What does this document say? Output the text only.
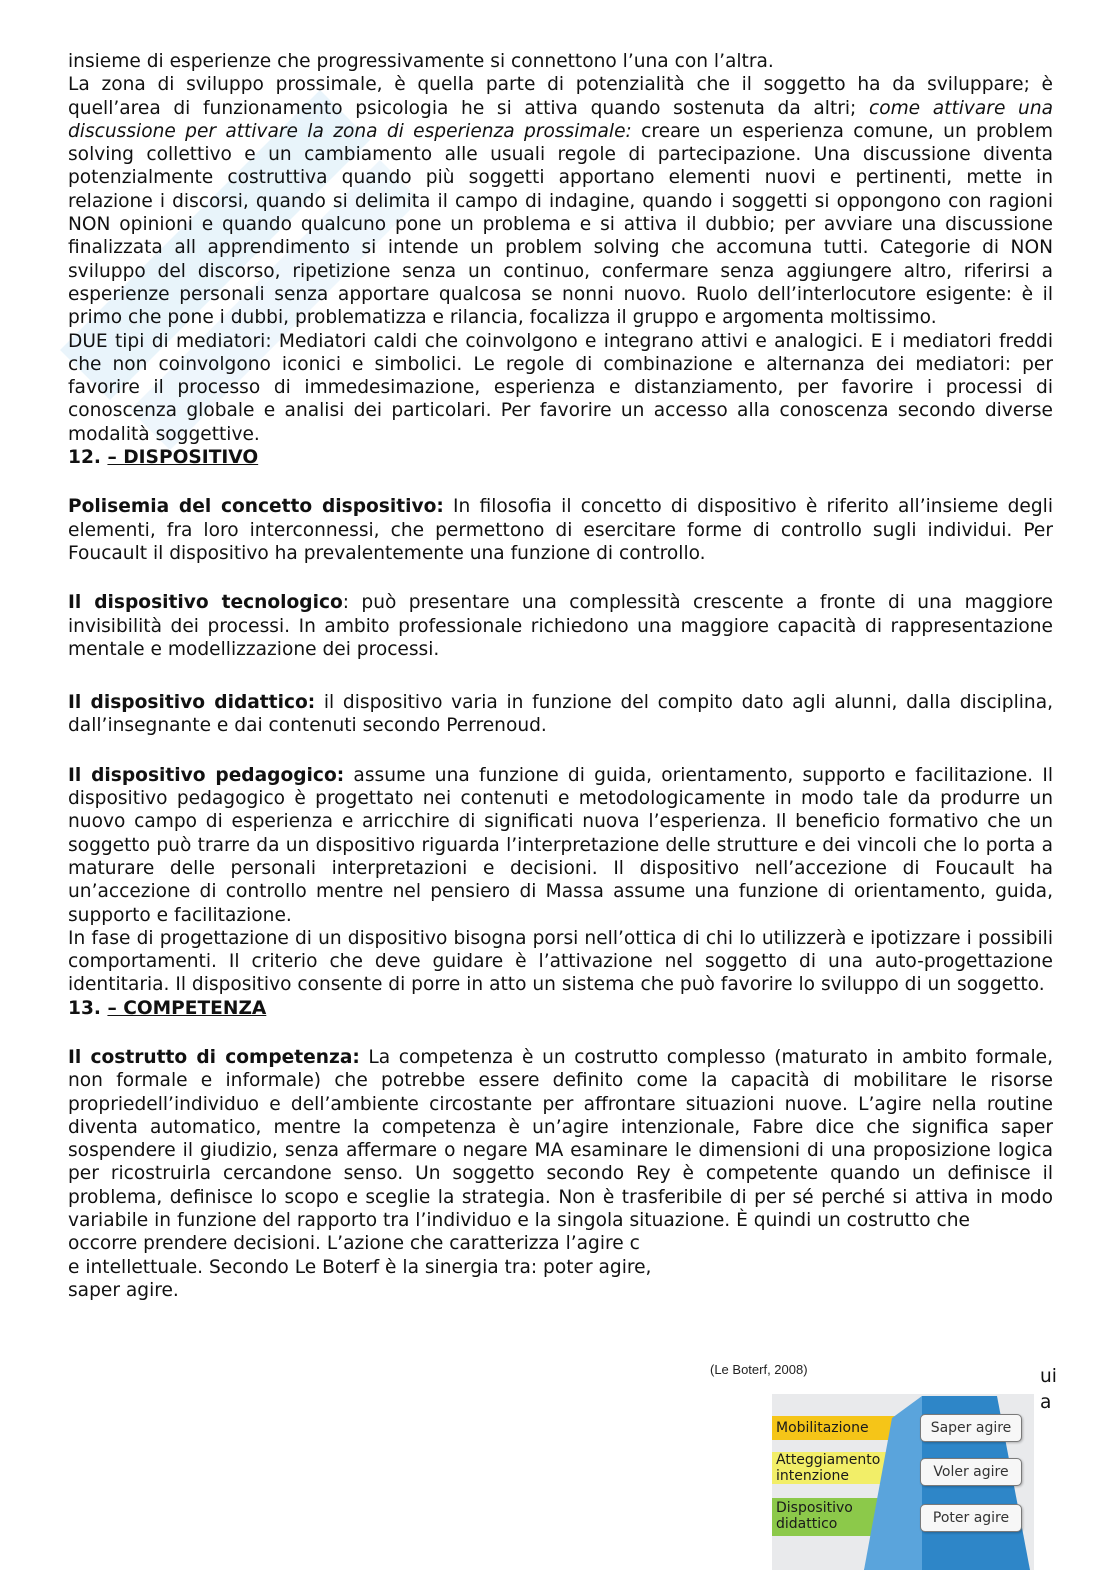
insieme di esperienze che progressivamente si connettono l’una con l’altra.

La zona di sviluppo prossimale, è quella parte di potenzialità che il soggetto ha da sviluppare; è quell’area di funzionamento psicologia he si attiva quando sostenuta da altri; come attivare una discussione per attivare la zona di esperienza prossimale: creare un esperienza comune, un problem solving collettivo e un cambiamento alle usuali regole di partecipazione. Una discussione diventa potenzialmente costruttiva quando più soggetti apportano elementi nuovi e pertinenti, mette in relazione i discorsi, quando si delimita il campo di indagine, quando i soggetti si oppongono con ragioni NON opinioni e quando qualcuno pone un problema e si attiva il dubbio; per avviare una discussione finalizzata all apprendimento si intende un problem solving che accomuna tutti. Categorie di NON sviluppo del discorso, ripetizione senza un continuo, confermare senza aggiungere altro, riferirsi a esperienze personali senza apportare qualcosa se nonni nuovo. Ruolo dell’interlocutore esigente: è il primo che pone i dubbi, problematizza e rilancia, focalizza il gruppo e argomenta moltissimo.

DUE tipi di mediatori: Mediatori caldi che coinvolgono e integrano attivi e analogici. E i mediatori freddi che non coinvolgono iconici e simbolici. Le regole di combinazione e alternanza dei mediatori: per favorire il processo di immedesimazione, esperienza e distanziamento, per favorire i processi di conoscenza globale e analisi dei particolari. Per favorire un accesso alla conoscenza secondo diverse modalità soggettive.

12. – DISPOSITIVO

Polisemia del concetto dispositivo: In filosofia il concetto di dispositivo è riferito all’insieme degli elementi, fra loro interconnessi, che permettono di esercitare forme di controllo sugli individui. Per Foucault il dispositivo ha prevalentemente una funzione di controllo.

Il dispositivo tecnologico: può presentare una complessità crescente a fronte di una maggiore invisibilità dei processi. In ambito professionale richiedono una maggiore capacità di rappresentazione mentale e modellizzazione dei processi.

Il dispositivo didattico: il dispositivo varia in funzione del compito dato agli alunni, dalla disciplina, dall’insegnante e dai contenuti secondo Perrenoud.

Il dispositivo pedagogico: assume una funzione di guida, orientamento, supporto e facilitazione. Il dispositivo pedagogico è progettato nei contenuti e metodologicamente in modo tale da produrre un nuovo campo di esperienza e arricchire di significati nuova l’esperienza. Il beneficio formativo che un soggetto può trarre da un dispositivo riguarda l’interpretazione delle strutture e dei vincoli che lo porta a maturare delle personali interpretazioni e decisioni. Il dispositivo nell’accezione di Foucault ha un’accezione di controllo mentre nel pensiero di Massa assume una funzione di orientamento, guida, supporto e facilitazione.

In fase di progettazione di un dispositivo bisogna porsi nell’ottica di chi lo utilizzerà e ipotizzare i possibili comportamenti. Il criterio che deve guidare è l’attivazione nel soggetto di una auto-progettazione identitaria. Il dispositivo consente di porre in atto un sistema che può favorire lo sviluppo di un soggetto.

13. – COMPETENZA

Il costrutto di competenza: La competenza è un costrutto complesso (maturato in ambito formale, non formale e informale) che potrebbe essere definito come la capacità di mobilitare le risorse propriedell’individuo e dell’ambiente circostante per affrontare situazioni nuove. L’agire nella routine diventa automatico, mentre la competenza è un’agire intenzionale, Fabre dice che significa saper sospendere il giudizio, senza affermare o negare MA esaminare le dimensioni di una proposizione logica per ricostruirla cercandone senso. Un soggetto secondo Rey è competente quando un definisce il problema, definisce lo scopo e sceglie la strategia. Non è trasferibile di per sé perché si attiva in modo variabile in funzione del rapporto tra l’individuo e la singola situazione. È quindi un costrutto che

occorre prendere decisioni. L’azione che caratterizza l’agire c

e intellettuale. Secondo Le Boterf è la sinergia tra: poter agire,

saper agire.

ui
a
(Le Boterf, 2008)
Mobilitazione
Atteggiamento intenzione
Dispositivo didattico
Saper agire
Voler agire
Poter agire
